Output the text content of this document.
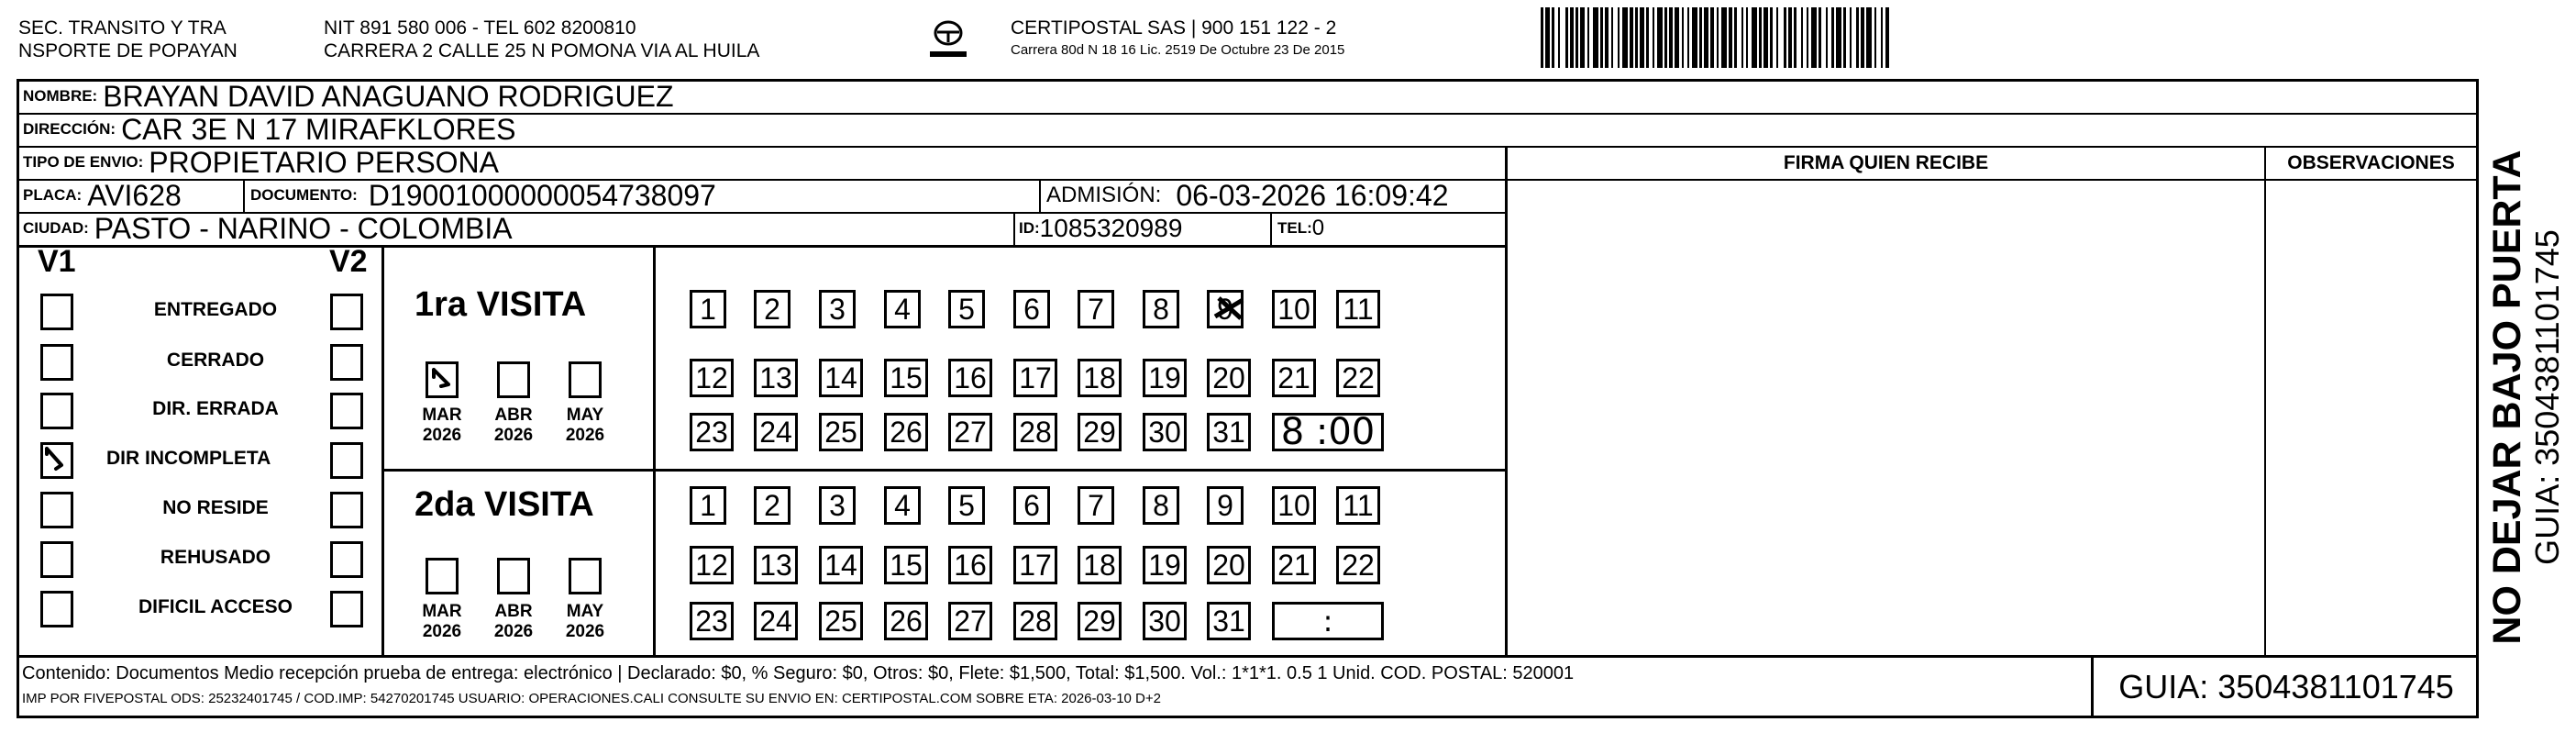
SEC. TRANSITO Y TRA
NSPORTE DE POPAYAN
NIT 891 580 006 - TEL 602 8200810
CARRERA 2 CALLE 25 N POMONA VIA AL HUILA
CERTIPOSTAL SAS | 900 151 122 - 2
Carrera 80d N 18 16 Lic. 2519 De Octubre 23 De 2015
NOMBRE: BRAYAN DAVID ANAGUANO RODRIGUEZ
DIRECCIÓN: CAR 3E N 17 MIRAFKLORES
TIPO DE ENVIO: PROPIETARIO PERSONA
PLACA: AVI628	DOCUMENTO: D19001000000054738097	ADMISIÓN: 06-03-2026 16:09:42
CIUDAD: PASTO - NARINO - COLOMBIA	ID: 1085320989	TEL: 0
FIRMA QUIEN RECIBE	OBSERVACIONES
V1	V2
ENTREGADO
CERRADO
DIR. ERRADA
DIR INCOMPLETA
NO RESIDE
REHUSADO
DIFICIL ACCESO
1ra VISITA
MAR
2026
ABR
2026
MAY
2026
1 2 3 4 5 6 7 8 9 10 11
12 13 14 15 16 17 18 19 20 21 22
23 24 25 26 27 28 29 30 31 8 :00
2da VISITA
MAR
2026
ABR
2026
MAY
2026
1 2 3 4 5 6 7 8 9 10 11
12 13 14 15 16 17 18 19 20 21 22
23 24 25 26 27 28 29 30 31	:
Contenido: Documentos Medio recepción prueba de entrega: electrónico | Declarado: $0, % Seguro: $0, Otros: $0, Flete: $1,500, Total: $1,500. Vol.: 1*1*1. 0.5 1 Unid. COD. POSTAL: 520001
IMP POR FIVEPOSTAL ODS: 25232401745 / COD.IMP: 54270201745 USUARIO: OPERACIONES.CALI CONSULTE SU ENVIO EN: CERTIPOSTAL.COM SOBRE ETA: 2026-03-10 D+2	GUIA: 3504381101745
NO DEJAR BAJO PUERTA GUIA: 3504381101745
